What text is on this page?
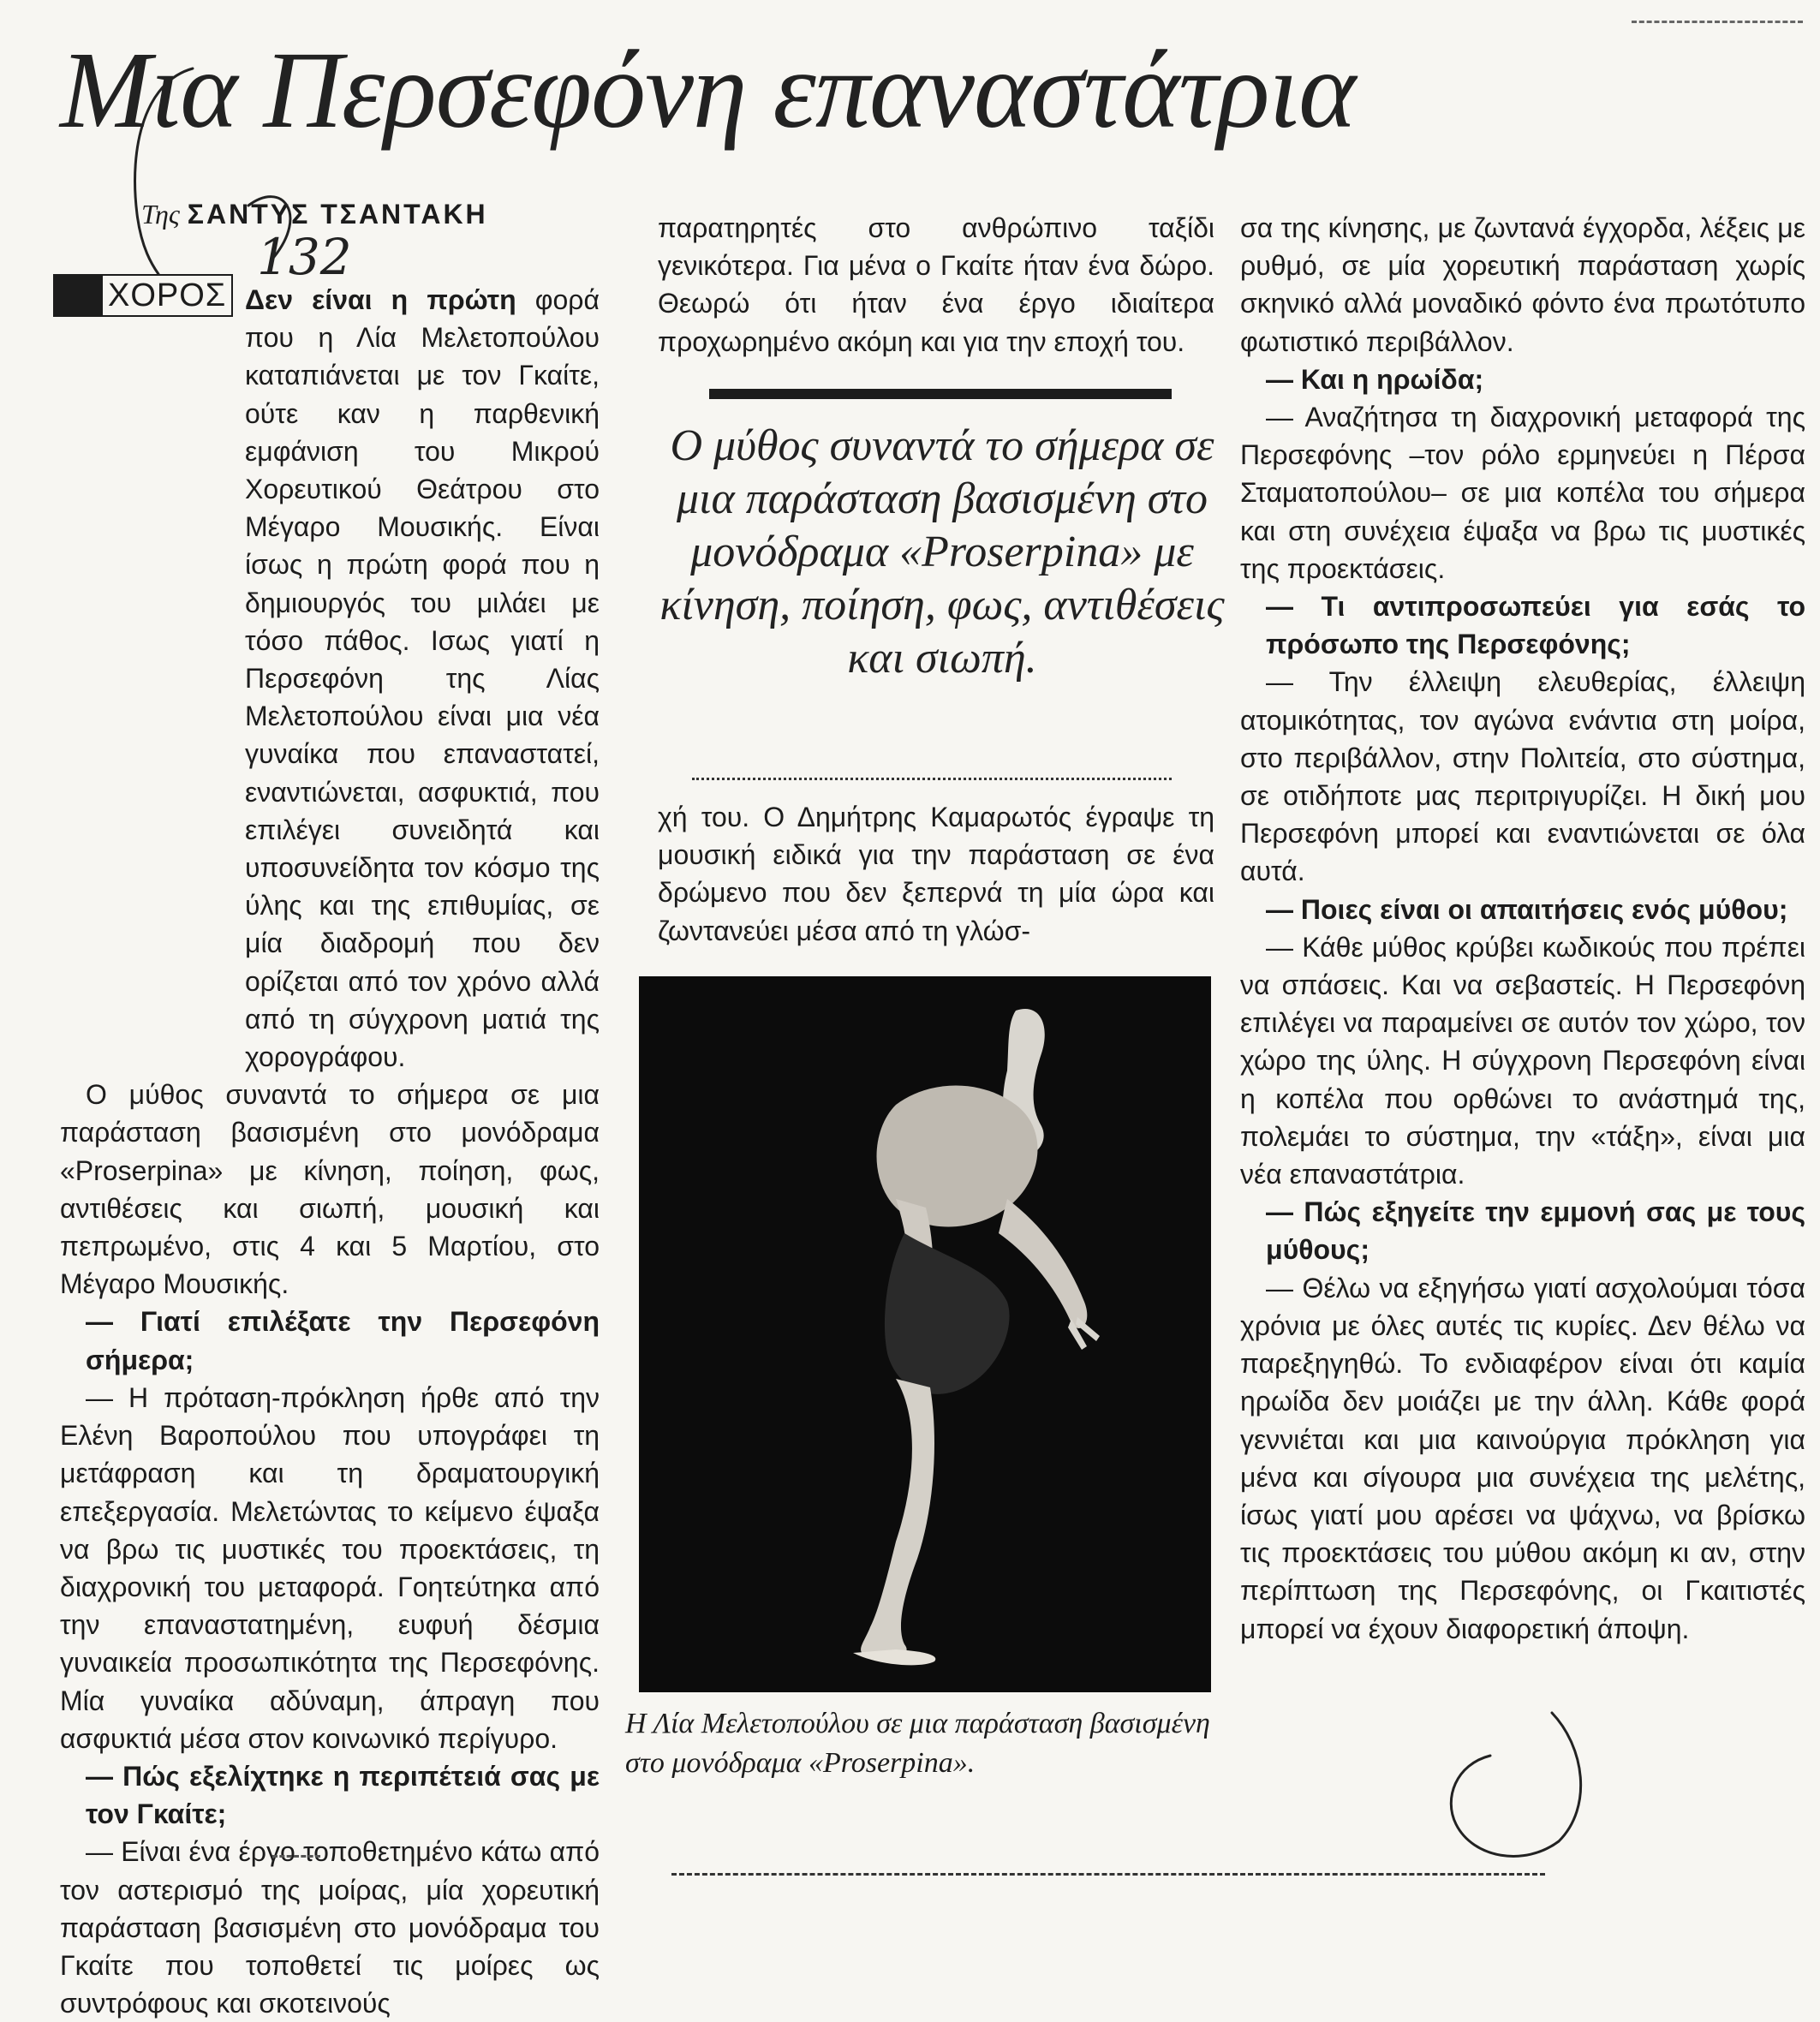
Μια Περσεφόνη επαναστάτρια
Της ΣΑΝΤΥΣ ΤΣΑΝΤΑΚΗ

Δεν είναι η πρώτη φορά που η Λία Μελετοπούλου καταπιάνεται με τον Γκαίτε, ούτε καν η παρθενική εμφάνιση του Μικρού Χορευτικού Θεάτρου στο Μέγαρο Μουσικής. Είναι ίσως η πρώτη φορά που η δημιουργός του μιλάει με τόσο πάθος. Ισως γιατί η Περσεφόνη της Λίας Μελετοπούλου είναι μια νέα γυναίκα που επαναστατεί, εναντιώνεται, ασφυκτιά, που επιλέγει συνειδητά και υποσυνείδητα τον κόσμο της ύλης και της επιθυμίας, σε μία διαδρομή που δεν ορίζεται από τον χρόνο αλλά από τη σύγχρονη ματιά της χορογράφου.

Ο μύθος συναντά το σήμερα σε μια παράσταση βασισμένη στο μονόδραμα «Proserpina» με κίνηση, ποίηση, φως, αντιθέσεις και σιωπή, μουσική και πεπρωμένο, στις 4 και 5 Μαρτίου, στο Μέγαρο Μουσικής.

— Γιατί επιλέξατε την Περσεφόνη σήμερα;

— Η πρόταση-πρόκληση ήρθε από την Ελένη Βαροπούλου που υπογράφει τη μετάφραση και τη δραματουργική επεξεργασία. Μελετώντας το κείμενο έψαξα να βρω τις μυστικές του προεκτάσεις, τη διαχρονική του μεταφορά. Γοητεύτηκα από την επαναστατημένη, ευφυή δέσμια γυναικεία προσωπικότητα της Περσεφόνης. Μία γυναίκα αδύναμη, άπραγη που ασφυκτιά μέσα στον κοινωνικό περίγυρο.

— Πώς εξελίχτηκε η περιπέτειά σας με τον Γκαίτε;

— Είναι ένα έργο τοποθετημένο κάτω από τον αστερισμό της μοίρας, μία χορευτική παράσταση βασισμένη στο μονόδραμα του Γκαίτε που τοποθετεί τις μοίρες ως συντρόφους και σκοτεινούς

ΧΟΡΟΣ

παρατηρητές στο ανθρώπινο ταξίδι γενικότερα. Για μένα ο Γκαίτε ήταν ένα δώρο. Θεωρώ ότι ήταν ένα έργο ιδιαίτερα προχωρημένο ακόμη και για την εποχή του.

Ο μύθος συναντά το σήμερα σε μια παράσταση βασισμένη στο μονόδραμα «Proserpina» με κίνηση, ποίηση, φως, αντιθέσεις και σιωπή.

χή του. Ο Δημήτρης Καμαρωτός έγραψε τη μουσική ειδικά για την παράσταση σε ένα δρώμενο που δεν ξεπερνά τη μία ώρα και ζωντανεύει μέσα από τη γλώσ-

Η Λία Μελετοπούλου σε μια παράσταση βασισμένη στο μονόδραμα «Proserpina».

σα της κίνησης, με ζωντανά έγχορδα, λέξεις με ρυθμό, σε μία χορευτική παράσταση χωρίς σκηνικό αλλά μοναδικό φόντο ένα πρωτότυπο φωτιστικό περιβάλλον.

— Και η ηρωίδα;

— Αναζήτησα τη διαχρονική μεταφορά της Περσεφόνης –τον ρόλο ερμηνεύει η Πέρσα Σταματοπούλου– σε μια κοπέλα του σήμερα και στη συνέχεια έψαξα να βρω τις μυστικές της προεκτάσεις.

— Τι αντιπροσωπεύει για εσάς το πρόσωπο της Περσεφόνης;

— Την έλλειψη ελευθερίας, έλλειψη ατομικότητας, τον αγώνα ενάντια στη μοίρα, στο περιβάλλον, στην Πολιτεία, στο σύστημα, σε οτιδήποτε μας περιτριγυρίζει. Η δική μου Περσεφόνη μπορεί και εναντιώνεται σε όλα αυτά.

— Ποιες είναι οι απαιτήσεις ενός μύθου;

— Κάθε μύθος κρύβει κωδικούς που πρέπει να σπάσεις. Και να σεβαστείς. Η Περσεφόνη επιλέγει να παραμείνει σε αυτόν τον χώρο, τον χώρο της ύλης. Η σύγχρονη Περσεφόνη είναι η κοπέλα που ορθώνει το ανάστημά της, πολεμάει το σύστημα, την «τάξη», είναι μια νέα επαναστάτρια.

— Πώς εξηγείτε την εμμονή σας με τους μύθους;

— Θέλω να εξηγήσω γιατί ασχολούμαι τόσα χρόνια με όλες αυτές τις κυρίες. Δεν θέλω να παρεξηγηθώ. Το ενδιαφέρον είναι ότι καμία ηρωίδα δεν μοιάζει με την άλλη. Κάθε φορά γεννιέται και μια καινούργια πρόκληση για μένα και σίγουρα μια συνέχεια της μελέτης, ίσως γιατί μου αρέσει να ψάχνω, να βρίσκω τις προεκτάσεις του μύθου ακόμη κι αν, στην περίπτωση της Περσεφόνης, οι Γκαιτιστές μπορεί να έχουν διαφορετική άποψη.

132
